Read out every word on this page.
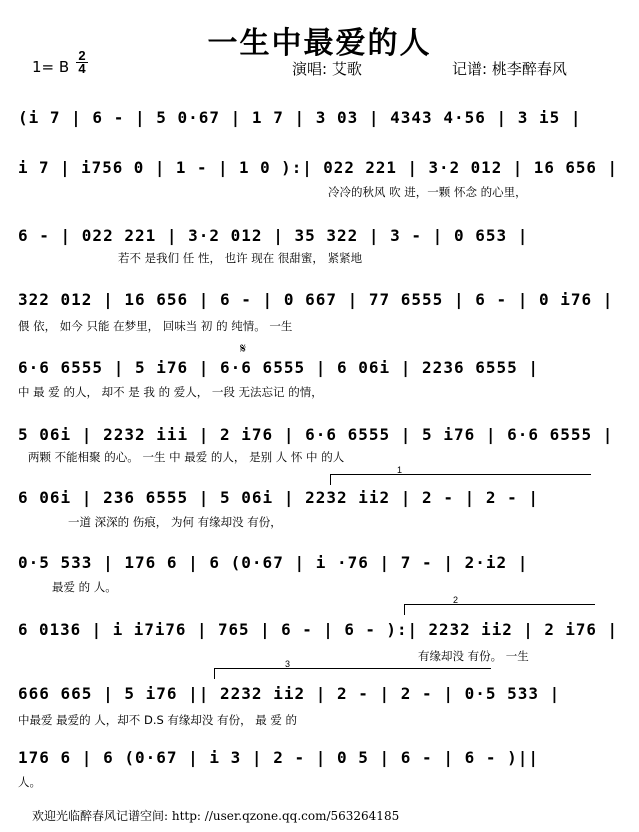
一生中最爱的人
1= B
2
4	演唱: 艾歌	记谱: 桃李醉春风
(i 7 | 6 - | 5 0·67 | 1 7 | 3 03 | 4343 4·56 | 3 i5 |
i 7 | i756 0 | 1 - | 1 0 ):| 022 221 | 3·2 012 | 16 656 |
冷冷的秋风 吹 进，一颗 怀念 的心里，
6 - | 022 221 | 3·2 012 | 35 322 | 3 - | 0 653 |
若不 是我们 任 性， 也许 现在 很甜蜜， 紧紧地
322 012 | 16 656 | 6 - | 0 667 | 77 6555 | 6 - | 0 i76 |
偎 依， 如今 只能 在梦里， 回味当 初 的 纯情。 一生
𝄋
6·6 6555 | 5 i76 | 6·6 6555 | 6 06i | 2236 6555 |
中 最 爱 的人， 却不 是 我 的 爱人， 一段 无法忘记 的情，
5 06i | 2232 iii | 2 i76 | 6·6 6555 | 5 i76 | 6·6 6555 |
两颗 不能相聚 的心。 一生 中 最爱 的人， 是别 人 怀 中 的人
1
6 06i | 236 6555 | 5 06i | 2232 ii2 | 2 - | 2 - |
一道 深深的 伤痕， 为何 有缘却没 有份，
0·5 533 | 176 6 | 6 (0·67 | i ·76 | 7 - | 2·i2 |
最爱 的 人。
2
6 0136 | i i7i76 | 765 | 6 - | 6 - ):| 2232 ii2 | 2 i76 |
有缘却没 有份。 一生
3
666 665 | 5 i76 || 2232 ii2 | 2 - | 2 - | 0·5 533 |
中最爱 最爱的 人，却不 D.S 有缘却没 有份， 最 爱 的
176 6 | 6 (0·67 | i 3 | 2 - | 0 5 | 6 - | 6 - )||
人。
欢迎光临醉春风记谱空间: http: //user.qzone.qq.com/563264185
